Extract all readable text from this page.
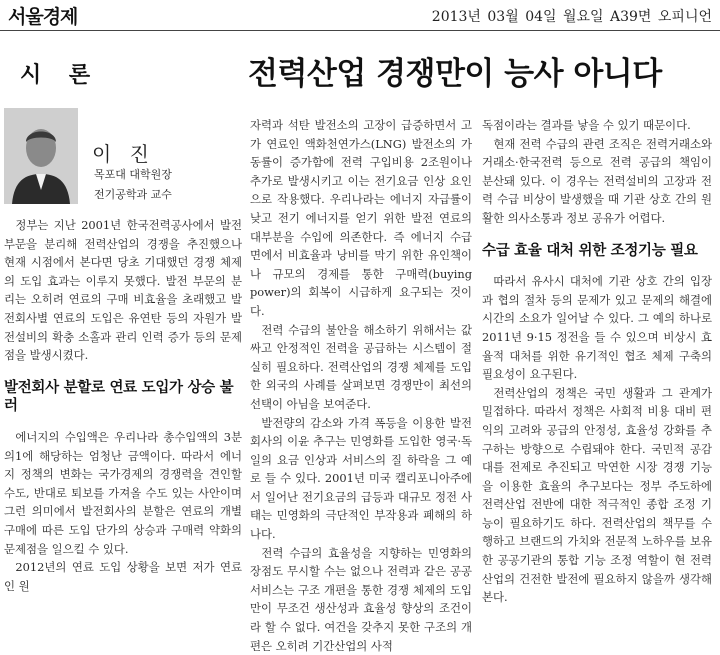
서울경제	2013년 03월 04일 월요일 A39면 오피니언
시 론	전력산업 경쟁만이 능사 아니다
이 진
목포대 대학원장
전기공학과 교수

정부는 지난 2001년 한국전력공사에서 발전 부문을 분리해 전력산업의 경쟁을 추진했으나 현재 시점에서 본다면 당초 기대했던 경쟁 체제의 도입 효과는 이루지 못했다. 발전 부문의 분리는 오히려 연료의 구매 비효율을 초래했고 발전회사별 연료의 도입은 유연탄 등의 자원가 발전설비의 확충 소홀과 관리 인력 증가 등의 문제점을 발생시켰다.

발전회사 분할로 연료 도입가 상승 불러

에너지의 수입액은 우리나라 총수입액의 3분의1에 해당하는 엄청난 금액이다. 따라서 에너지 정책의 변화는 국가경제의 경쟁력을 견인할 수도, 반대로 퇴보를 가져올 수도 있는 사안이며 그런 의미에서 발전회사의 분할은 연료의 개별 구매에 따른 도입 단가의 상승과 구매력 약화의 문제점을 일으킬 수 있다.

2012년의 연료 도입 상황을 보면 저가 연료인 원

자력과 석탄 발전소의 고장이 급증하면서 고가 연료인 액화천연가스(LNG) 발전소의 가동률이 증가함에 전력 구입비용 2조원이나 추가로 발생시키고 이는 전기요금 인상 요인으로 작용했다. 우리나라는 에너지 자급률이 낮고 전기 에너지를 얻기 위한 발전 연료의 대부분을 수입에 의존한다. 즉 에너지 수급 면에서 비효율과 낭비를 막기 위한 유인책이나 규모의 경제를 통한 구매력(buying power)의 회복이 시급하게 요구되는 것이다.

전력 수급의 불안을 해소하기 위해서는 값싸고 안정적인 전력을 공급하는 시스템이 절실히 필요하다. 전력산업의 경쟁 체제를 도입한 외국의 사례를 살펴보면 경쟁만이 최선의 선택이 아님을 보여준다.

발전량의 감소와 가격 폭등을 이용한 발전회사의 이윤 추구는 민영화를 도입한 영국·독일의 요금 인상과 서비스의 질 하락을 그 예로 들 수 있다. 2001년 미국 캘리포니아주에서 일어난 전기요금의 급등과 대규모 정전 사태는 민영화의 극단적인 부작용과 폐해의 하나다.

전력 수급의 효율성을 지향하는 민영화의 장점도 무시할 수는 없으나 전력과 같은 공공 서비스는 구조 개편을 통한 경쟁 체제의 도입만이 무조건 생산성과 효율성 향상의 조건이라 할 수 없다. 여건을 갖추지 못한 구조의 개편은 오히려 기간산업의 사적

독점이라는 결과를 낳을 수 있기 때문이다.

현재 전력 수급의 관련 조직은 전력거래소와 거래소·한국전력 등으로 전력 공급의 책임이 분산돼 있다. 이 경우는 전력설비의 고장과 전력 수급 비상이 발생했을 때 기관 상호 간의 원활한 의사소통과 정보 공유가 어렵다.

수급 효율 대처 위한 조정기능 필요

따라서 유사시 대처에 기관 상호 간의 입장과 협의 절차 등의 문제가 있고 문제의 해결에 시간의 소요가 일어날 수 있다. 그 예의 하나로 2011년 9·15 정전을 들 수 있으며 비상시 효율적 대처를 위한 유기적인 협조 체제 구축의 필요성이 요구된다.

전력산업의 정책은 국민 생활과 그 관계가 밀접하다. 따라서 정책은 사회적 비용 대비 편익의 고려와 공급의 안정성, 효율성 강화를 추구하는 방향으로 수립돼야 한다. 국민적 공감대를 전제로 추진되고 막연한 시장 경쟁 기능을 이용한 효율의 추구보다는 정부 주도하에 전력산업 전반에 대한 적극적인 종합 조정 기능이 필요하기도 하다. 전력산업의 책무를 수행하고 브랜드의 가치와 전문적 노하우를 보유한 공공기관의 통합 기능 조정 역할이 현 전력산업의 건전한 발전에 필요하지 않을까 생각해본다.
